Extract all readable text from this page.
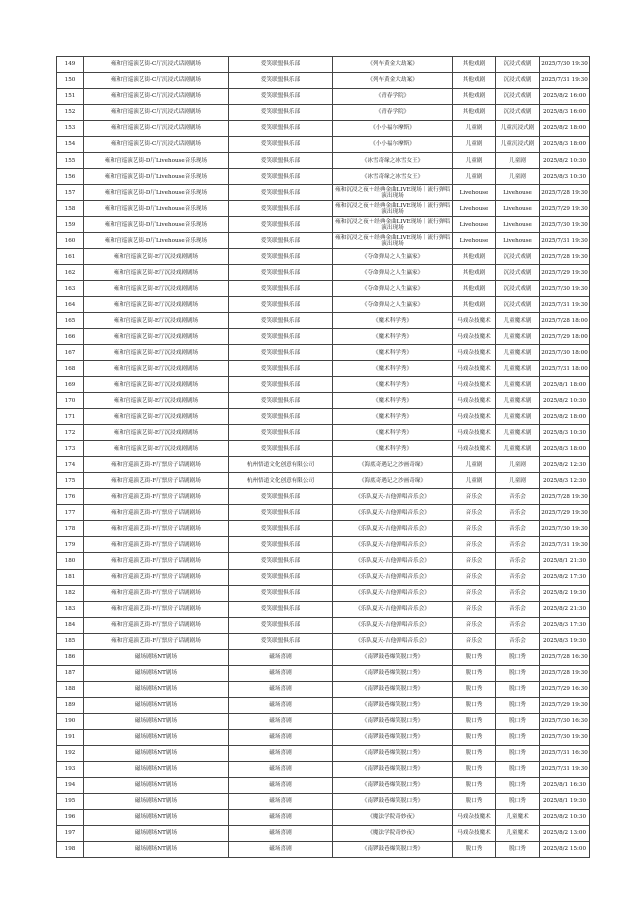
149	雍和宫巡演艺街-C厅沉浸式话剧剧场	爱笑联盟俱乐部	《列车黄金大劫案》	其他戏剧	沉浸式戏剧	2025/7/30 19:30
150	雍和宫巡演艺街-C厅沉浸式话剧剧场	爱笑联盟俱乐部	《列车黄金大劫案》	其他戏剧	沉浸式戏剧	2025/7/31 19:30
151	雍和宫巡演艺街-C厅沉浸式话剧剧场	爱笑联盟俱乐部	《青春学院》	其他戏剧	沉浸式戏剧	2025/8/2 16:00
152	雍和宫巡演艺街-C厅沉浸式话剧剧场	爱笑联盟俱乐部	《青春学院》	其他戏剧	沉浸式戏剧	2025/8/3 16:00
153	雍和宫巡演艺街-C厅沉浸式话剧剧场	爱笑联盟俱乐部	《小小福尔摩斯》	儿童剧	儿童沉浸式剧	2025/8/2 18:00
154	雍和宫巡演艺街-C厅沉浸式话剧剧场	爱笑联盟俱乐部	《小小福尔摩斯》	儿童剧	儿童沉浸式剧	2025/8/3 18:00
155	雍和宫巡演艺街-D厅Livehouse音乐现场	爱笑联盟俱乐部	《冰雪奇缘之冰雪女王》	儿童剧	儿童剧	2025/8/2 10:30
156	雍和宫巡演艺街-D厅Livehouse音乐现场	爱笑联盟俱乐部	《冰雪奇缘之冰雪女王》	儿童剧	儿童剧	2025/8/3 10:30
157	雍和宫巡演艺街-D厅Livehouse音乐现场	爱笑联盟俱乐部	雍和沉浸之夜＋经典金曲LIVE现场｜流行弹唱演出现场	Livehouse	Livehouse	2025/7/28 19:30
158	雍和宫巡演艺街-D厅Livehouse音乐现场	爱笑联盟俱乐部	雍和沉浸之夜＋经典金曲LIVE现场｜流行弹唱演出现场	Livehouse	Livehouse	2025/7/29 19:30
159	雍和宫巡演艺街-D厅Livehouse音乐现场	爱笑联盟俱乐部	雍和沉浸之夜＋经典金曲LIVE现场｜流行弹唱演出现场	Livehouse	Livehouse	2025/7/30 19:30
160	雍和宫巡演艺街-D厅Livehouse音乐现场	爱笑联盟俱乐部	雍和沉浸之夜＋经典金曲LIVE现场｜流行弹唱演出现场	Livehouse	Livehouse	2025/7/31 19:30
161	雍和宫巡演艺街-E厅沉浸戏剧剧场	爱笑联盟俱乐部	《夺命弹局之人生赢家》	其他戏剧	沉浸式戏剧	2025/7/28 19:30
162	雍和宫巡演艺街-E厅沉浸戏剧剧场	爱笑联盟俱乐部	《夺命弹局之人生赢家》	其他戏剧	沉浸式戏剧	2025/7/29 19:30
163	雍和宫巡演艺街-E厅沉浸戏剧剧场	爱笑联盟俱乐部	《夺命弹局之人生赢家》	其他戏剧	沉浸式戏剧	2025/7/30 19:30
164	雍和宫巡演艺街-E厅沉浸戏剧剧场	爱笑联盟俱乐部	《夺命弹局之人生赢家》	其他戏剧	沉浸式戏剧	2025/7/31 19:30
165	雍和宫巡演艺街-E厅沉浸戏剧剧场	爱笑联盟俱乐部	《魔术科学秀》	马戏杂技魔术	儿童魔术剧	2025/7/28 18:00
166	雍和宫巡演艺街-E厅沉浸戏剧剧场	爱笑联盟俱乐部	《魔术科学秀》	马戏杂技魔术	儿童魔术剧	2025/7/29 18:00
167	雍和宫巡演艺街-E厅沉浸戏剧剧场	爱笑联盟俱乐部	《魔术科学秀》	马戏杂技魔术	儿童魔术剧	2025/7/30 18:00
168	雍和宫巡演艺街-E厅沉浸戏剧剧场	爱笑联盟俱乐部	《魔术科学秀》	马戏杂技魔术	儿童魔术剧	2025/7/31 18:00
169	雍和宫巡演艺街-E厅沉浸戏剧剧场	爱笑联盟俱乐部	《魔术科学秀》	马戏杂技魔术	儿童魔术剧	2025/8/1 18:00
170	雍和宫巡演艺街-E厅沉浸戏剧剧场	爱笑联盟俱乐部	《魔术科学秀》	马戏杂技魔术	儿童魔术剧	2025/8/2 10:30
171	雍和宫巡演艺街-E厅沉浸戏剧剧场	爱笑联盟俱乐部	《魔术科学秀》	马戏杂技魔术	儿童魔术剧	2025/8/2 18:00
172	雍和宫巡演艺街-E厅沉浸戏剧剧场	爱笑联盟俱乐部	《魔术科学秀》	马戏杂技魔术	儿童魔术剧	2025/8/3 10:30
173	雍和宫巡演艺街-E厅沉浸戏剧剧场	爱笑联盟俱乐部	《魔术科学秀》	马戏杂技魔术	儿童魔术剧	2025/8/3 18:00
174	雍和宫巡演艺街-F厅票房子话剧剧场	杭州悟道文化创意有限公司	《海底奇遇记之沙画奇缘》	儿童剧	儿童剧	2025/8/2 12:30
175	雍和宫巡演艺街-F厅票房子话剧剧场	杭州悟道文化创意有限公司	《海底奇遇记之沙画奇缘》	儿童剧	儿童剧	2025/8/3 12:30
176	雍和宫巡演艺街-F厅票房子话剧剧场	爱笑联盟俱乐部	《乐队夏天-吉他弹唱音乐会》	音乐会	音乐会	2025/7/28 19:30
177	雍和宫巡演艺街-F厅票房子话剧剧场	爱笑联盟俱乐部	《乐队夏天-吉他弹唱音乐会》	音乐会	音乐会	2025/7/29 19:30
178	雍和宫巡演艺街-F厅票房子话剧剧场	爱笑联盟俱乐部	《乐队夏天-吉他弹唱音乐会》	音乐会	音乐会	2025/7/30 19:30
179	雍和宫巡演艺街-F厅票房子话剧剧场	爱笑联盟俱乐部	《乐队夏天-吉他弹唱音乐会》	音乐会	音乐会	2025/7/31 19:30
180	雍和宫巡演艺街-F厅票房子话剧剧场	爱笑联盟俱乐部	《乐队夏天-吉他弹唱音乐会》	音乐会	音乐会	2025/8/1 21:30
181	雍和宫巡演艺街-F厅票房子话剧剧场	爱笑联盟俱乐部	《乐队夏天-吉他弹唱音乐会》	音乐会	音乐会	2025/8/2 17:30
182	雍和宫巡演艺街-F厅票房子话剧剧场	爱笑联盟俱乐部	《乐队夏天-吉他弹唱音乐会》	音乐会	音乐会	2025/8/2 19:30
183	雍和宫巡演艺街-F厅票房子话剧剧场	爱笑联盟俱乐部	《乐队夏天-吉他弹唱音乐会》	音乐会	音乐会	2025/8/2 21:30
184	雍和宫巡演艺街-F厅票房子话剧剧场	爱笑联盟俱乐部	《乐队夏天-吉他弹唱音乐会》	音乐会	音乐会	2025/8/3 17:30
185	雍和宫巡演艺街-F厅票房子话剧剧场	爱笑联盟俱乐部	《乐队夏天-吉他弹唱音乐会》	音乐会	音乐会	2025/8/3 19:30
186	磁场剧场NT剧场	磁场喜剧	《南锣鼓巷爆笑脱口秀》	脱口秀	脱口秀	2025/7/28 16:30
187	磁场剧场NT剧场	磁场喜剧	《南锣鼓巷爆笑脱口秀》	脱口秀	脱口秀	2025/7/28 19:30
188	磁场剧场NT剧场	磁场喜剧	《南锣鼓巷爆笑脱口秀》	脱口秀	脱口秀	2025/7/29 16:30
189	磁场剧场NT剧场	磁场喜剧	《南锣鼓巷爆笑脱口秀》	脱口秀	脱口秀	2025/7/29 19:30
190	磁场剧场NT剧场	磁场喜剧	《南锣鼓巷爆笑脱口秀》	脱口秀	脱口秀	2025/7/30 16:30
191	磁场剧场NT剧场	磁场喜剧	《南锣鼓巷爆笑脱口秀》	脱口秀	脱口秀	2025/7/30 19:30
192	磁场剧场NT剧场	磁场喜剧	《南锣鼓巷爆笑脱口秀》	脱口秀	脱口秀	2025/7/31 16:30
193	磁场剧场NT剧场	磁场喜剧	《南锣鼓巷爆笑脱口秀》	脱口秀	脱口秀	2025/7/31 19:30
194	磁场剧场NT剧场	磁场喜剧	《南锣鼓巷爆笑脱口秀》	脱口秀	脱口秀	2025/8/1 16:30
195	磁场剧场NT剧场	磁场喜剧	《南锣鼓巷爆笑脱口秀》	脱口秀	脱口秀	2025/8/1 19:30
196	磁场剧场NT剧场	磁场喜剧	《魔法学院奇妙夜》	马戏杂技魔术	儿童魔术	2025/8/2 10:30
197	磁场剧场NT剧场	磁场喜剧	《魔法学院奇妙夜》	马戏杂技魔术	儿童魔术	2025/8/2 13:00
198	磁场剧场NT剧场	磁场喜剧	《南锣鼓巷爆笑脱口秀》	脱口秀	脱口秀	2025/8/2 15:00
